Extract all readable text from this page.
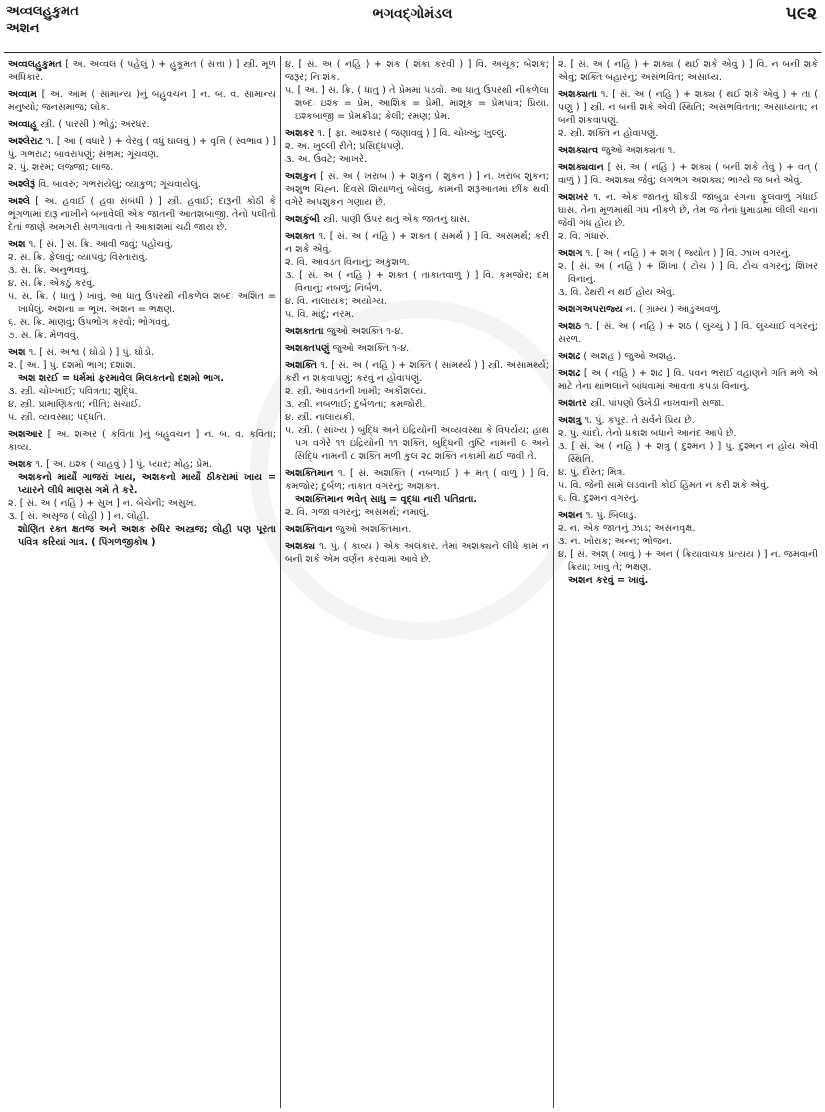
અવ્વલહુકુમત
અશન
ભગવદ્ગોમંડલ	૫૯૨
અવ્વલહુકુમત [ અ. અવ્વલ ( પહેલું ) + હુકૂમત ( સત્તા ) ] સ્ત્રી. મૂળ અધિકાર.
અવ્વામ [ અ. આમ ( સામાન્ય )નું બહુવચન ] ન. બ. વ. સામાન્ય મનુષ્યો; જનસમાજ; લોક.
અવ્વાહૂ સ્ત્રી. ( પારસી ) ભોડું; અરધર.
અશ્લેરાટ ૧. [ આ ( વધારે ) + વેરવું ( વધું ઘાલવું ) + વૃત્તિ ( સ્વભાવ ) ] પું. ગભરાટ; બાવરાપણું; સંભ્રમ; ગૂંચવણ.
૨. પું. શરમ; લજ્જા; લાજ.
અશ્લેરૂં વિ. બાવરું; ગભરાયેલું; વ્યાકુળ; ગૂંચવાયેલું.
અશ્લે [ અ. હવાઈ ( હવા સંબંધી ) ] સ્ત્રી. હવાઈ; દારૂની કોઠી કે ભૂંગળામાં દારૂ નાખીને બનાવેલી એક જાતની આતશબાજી. તેનો પલીતો દેતાં જાણે અમગરી સળગાવતાં તે આકાશમાં ચઢી જાય છે.
અશ ૧. [ સં. ] સ. ક્રિ. આવી જવું; પહોંચવું.
૨. સ. ક્રિ. ફેલાવું; વ્યાપવું; વિસ્તારાવું.
૩. સ. ક્રિ. અનુભવવું.
૪. સ. ક્રિ. એકઠું કરવું.
૫. સ. ક્રિ. ( ધાતુ ) ખાવું. આ ધાતુ ઉપરથી નીકળેલ શબ્દઃ અશિત = ખાધેલું. અશના = ભૂખ. અશન = ભક્ષણ.
૬. સ. ક્રિ. માણવું; ઉપભોગ કરવો; ભોગવવું.
૭. સ. ક્રિ. મેળવવું.
અશ ૧. [ સં. અશ્વ ( ઘોડો ) ] પું. ઘોડો.
૨. [ અ. ] પું. દશમો ભાગ; દશાંશ.
અશ શરઈ = ધર્મમાં ફરમાવેલ મિલકતનો દશમો ભાગ.
૩. સ્ત્રી. ચોખ્ખાઈ; પવિત્રતા; શુદ્ધિ.
૪. સ્ત્રી. પ્રામાણિકતા; નીતિ; સચાઈ.
૫. સ્ત્રી. વ્યવસ્થા; પદ્ધતિ.
અશઆર [ અ. શઅર ( કવિતા )નું બહુવચન ] ન. બ. વ. કવિતા; કાવ્ય.
અશક ૧. [ અ. ઇશ્ક ( ચાહવું ) ] પું. પ્યાર; મોહ; પ્રેમ.
અશકનો માર્યો ગાજરાં ખાય, અશકનો માર્યો ઠીકરામાં ખાય = પ્યારને લીધે માણસ ગમે તે કરે.
૨. [ સં. અ ( નહિ ) + સુખ ] ન. બેચેની; અસુખ.
૩. [ સં. અસૃજ ( લોહી ) ] ન. લોહી.
શોણિત રક્ત ક્ષતજ અને અશક રુધિર અસ્ત્રજ; લોહી પણ પૂરતા પવિત્ર કરિયાં ગાત્ર. ( પિંગળજીકોષ )
૪. [ સં. અ ( નહિ ) + શંક ( શંકા કરવી ) ] વિ. અચૂક; બેશક; જરૂર; નિઃશંક.
૫. [ અ. ] સ. ક્રિ. ( ધાતુ ) તે પ્રેમમાં પડવો. આ ધાતુ ઉપરથી નીકળેલા શબ્દઃ ઇશ્ક = પ્રેમ. આશિક = પ્રેમી. માશૂક = પ્રેમપાત્ર; પ્રિયા. ઇશ્કબાજી = પ્રેમક્રીડા; કેલી; રમણ; પ્રેમ.
અશકર ૧. [ ફા. આશ્કાર ( જણાવવું ) ] વિ. ચોખ્ખું; ખુલ્લું.
૨. અ. ખુલ્લી રીતે; પ્રસિદ્ધપણે.
૩. અ. ઉંવટે; આખરે.
અશકુન [ સં. અ ( ખરાબ ) + શકુન ( શુકન ) ] ન. ખરાબ શુકન; અશુભ ચિહ્ન. દિવસે શિયાળનું બોલવું, કામની શરૂઆતમાં છીંક થવી વગેરે અપશુકન ગણાય છે.
અશકુંબી સ્ત્રી. પાણી ઉપર થતું એક જાતનું ઘાસ.
અશક્ત ૧. [ સં. અ ( નહિ ) + શક્ત ( સમર્થ ) ] વિ. અસમર્થ; કરી ન શકે એવું.
૨. વિ. આવડત વિનાનું; અકુશળ.
૩. [ સં. અ ( નહિ ) + શક્ત ( તાકાતવાળું ) ] વિ. કમજોર; દમ વિનાનું; નબળું; નિર્બળ.
૪. વિ. નાલાયક; અયોગ્ય.
૫. વિ. માંદું; નરમ.
અશક્તતા જુઓ અશક્તિ ૧-૪.
અશક્તપણું જુઓ અશક્તિ ૧-૪.
અશક્તિ ૧. [ સં. અ ( નહિ ) + શક્તિ ( સામર્થ્ય ) ] સ્ત્રી. અસામર્થ્ય; કરી ન શકવાપણું; કરવું ન હોવાપણું.
૨. સ્ત્રી. આવડતની ખામી; અકૌશલ્ય.
૩. સ્ત્રી. નબળાઈ; દુર્બળતા; કમજોરી.
૪. સ્ત્રી. નાલાયકી.
૫. સ્ત્રી. ( સાંખ્ય ) બુદ્ધિ અને ઇંદ્રિયોની અવ્યવસ્થા કે વિપર્યય; હાથ પગ વગેરે ૧૧ ઇંદ્રિયોની ૧૧ શક્તિ, બુદ્ધિની તુષ્ટિ નામની ૯ અને સિદ્ધિ નામની ૮ શક્તિ મળી કુલ ૨૮ શક્તિ નકામી થઈ જવી તે.
અશક્તિમાન ૧. [ સં. અશક્તિ ( નબળાઈ ) + મત્ ( વાળું ) ] વિ. કમજોર; દુર્બળ; તાકાત વગરનું; અશક્ત.
અશક્તિમાન ભવેત્ સાધુ = વૃદ્ધા નારી પતિવ્રતા.
૨. વિ. ગજા વગરનું; અસમર્થ; નમાલું.
અશક્તિવાન જુઓ અશક્તિમાન.
અશક્ય ૧. પું. ( કાવ્ય ) એક અલંકાર. તેમાં અશક્યને લીધે કામ ન બની શકે એમ વર્ણન કરવામાં આવે છે.
૨. [ સં. અ ( નહિ ) + શક્ય ( થઈ શકે એવું ) ] વિ. ન બની શકે એવું; શક્તિ બહારનું; અસંભવિત; અસાધ્ય.
અશક્યતા ૧. [ સં. અ ( નહિ ) + શક્ય ( થઈ શકે એવું ) + તા ( પણું ) ] સ્ત્રી. ન બની શકે એવી સ્થિતિ; અસંભવિતતા; અસાધ્યતા; ન બની શકવાપણું.
૨. સ્ત્રી. શક્તિ ન હોવાપણું.
અશક્યત્વ જુઓ અશક્યતા ૧.
અશક્યવાન [ સં. અ ( નહિ ) + શક્ય ( બની શકે તેવું ) + વત્ ( વાળું ) ] વિ. અશક્ય જેવું; લગભગ અશક્ય; ભાગ્યે જ બને એવું.
અશખર ૧. ન. એક જાતનું ઘીકડી જાંબુડા રંગના ફૂલવાળું ગંધાઈ ઘાસ. તેના મૂળમાંથી ગંધ નીકળે છે, તેમ જ તેનાં ધુમાડામાં લીલી ચાના જેવી ગંધ હોય છે.
૨. વિ. ગંધારું.
અશગ ૧. [ અ ( નહિ ) + શગ ( જ્યોત ) ] વિ. ઝાંખ વગરનું.
૨. [ સં. અ ( નહિ ) + શિખા ( ટોચ ) ] વિ. ટોચ વગરનું; શિખર વિનાનું.
૩. વિ. ઢેથરી ન થઈ હોય એવું.
અશગઅપરાજ્ય ન. ( ગ્રામ્ય ) આડુંઅવળું.
અશઠ ૧. [ સં. અ ( નહિ ) + શઠ ( લુચ્ચું ) ] વિ. લુચ્ચાઈ વગરનું; સરળ.
અશઢ ( અશહ ) જુઓ અશહ.
અશઢ [ અ ( નહિ ) + શઢ ] વિ. પવન ભરાઈ વહાણને ગતિ મળે એ માટે તેના થાંભલાને બાંધવામાં આવતા કપડા વિનાનું.
અશતર સ્ત્રી. પાંપણો ઉખેડી નાખવાની સજા.
અશત્રુ ૧. પું. કપૂર. તે સર્વને પ્રિય છે.
૨. પું. ચાંદો. તેનો પ્રકાશ બધાને આનંદ આપે છે.
૩. [ સં. અ ( નહિ ) + શત્રુ ( દુશ્મન ) ] પું. દુશ્મન ન હોય એવી સ્થિતિ.
૪. પું. દોસ્ત; મિત્ર.
૫. વિ. જેની સામે લડવાની કોઈ હિંમત ન કરી શકે એવું.
૬. વિ. દુશ્મન વગરનું.
અશન ૧. પું. બિલાડું.
૨. ન. એક જાતનું ઝાડ; અસનવૃક્ષ.
૩. ન. ખોરાક; અન્ન; ભોજન.
૪. [ સં. અશ્ ( ખાવું ) + અન ( ક્રિયાવાચક પ્રત્યય ) ] ન. જમવાની ક્રિયા; ખાવું તે; ભક્ષણ.
અશન કરવું = ખાવું.
